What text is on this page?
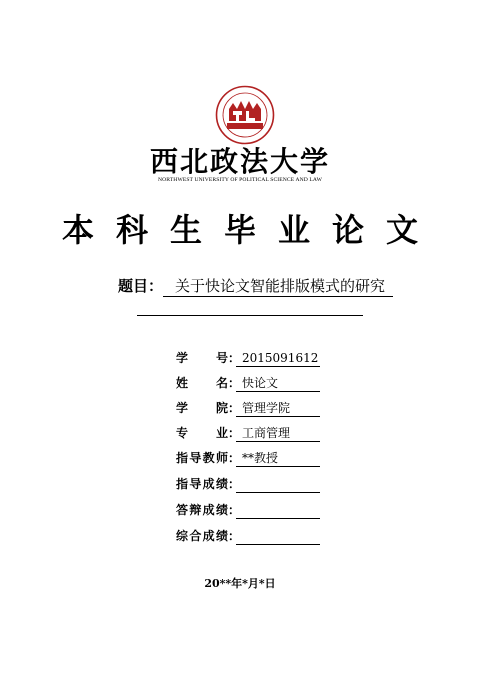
西北政法大学
NORTHWEST UNIVERSITY OF POLITICAL SCIENCE AND LAW
本科生毕业论文
题目： 关于快论文智能排版模式的研究
学号： 2015091612
姓名： 快论文
学院： 管理学院
专业： 工商管理
指导教师： **教授
指导成绩：
答辩成绩：
综合成绩：
20**年*月*日
